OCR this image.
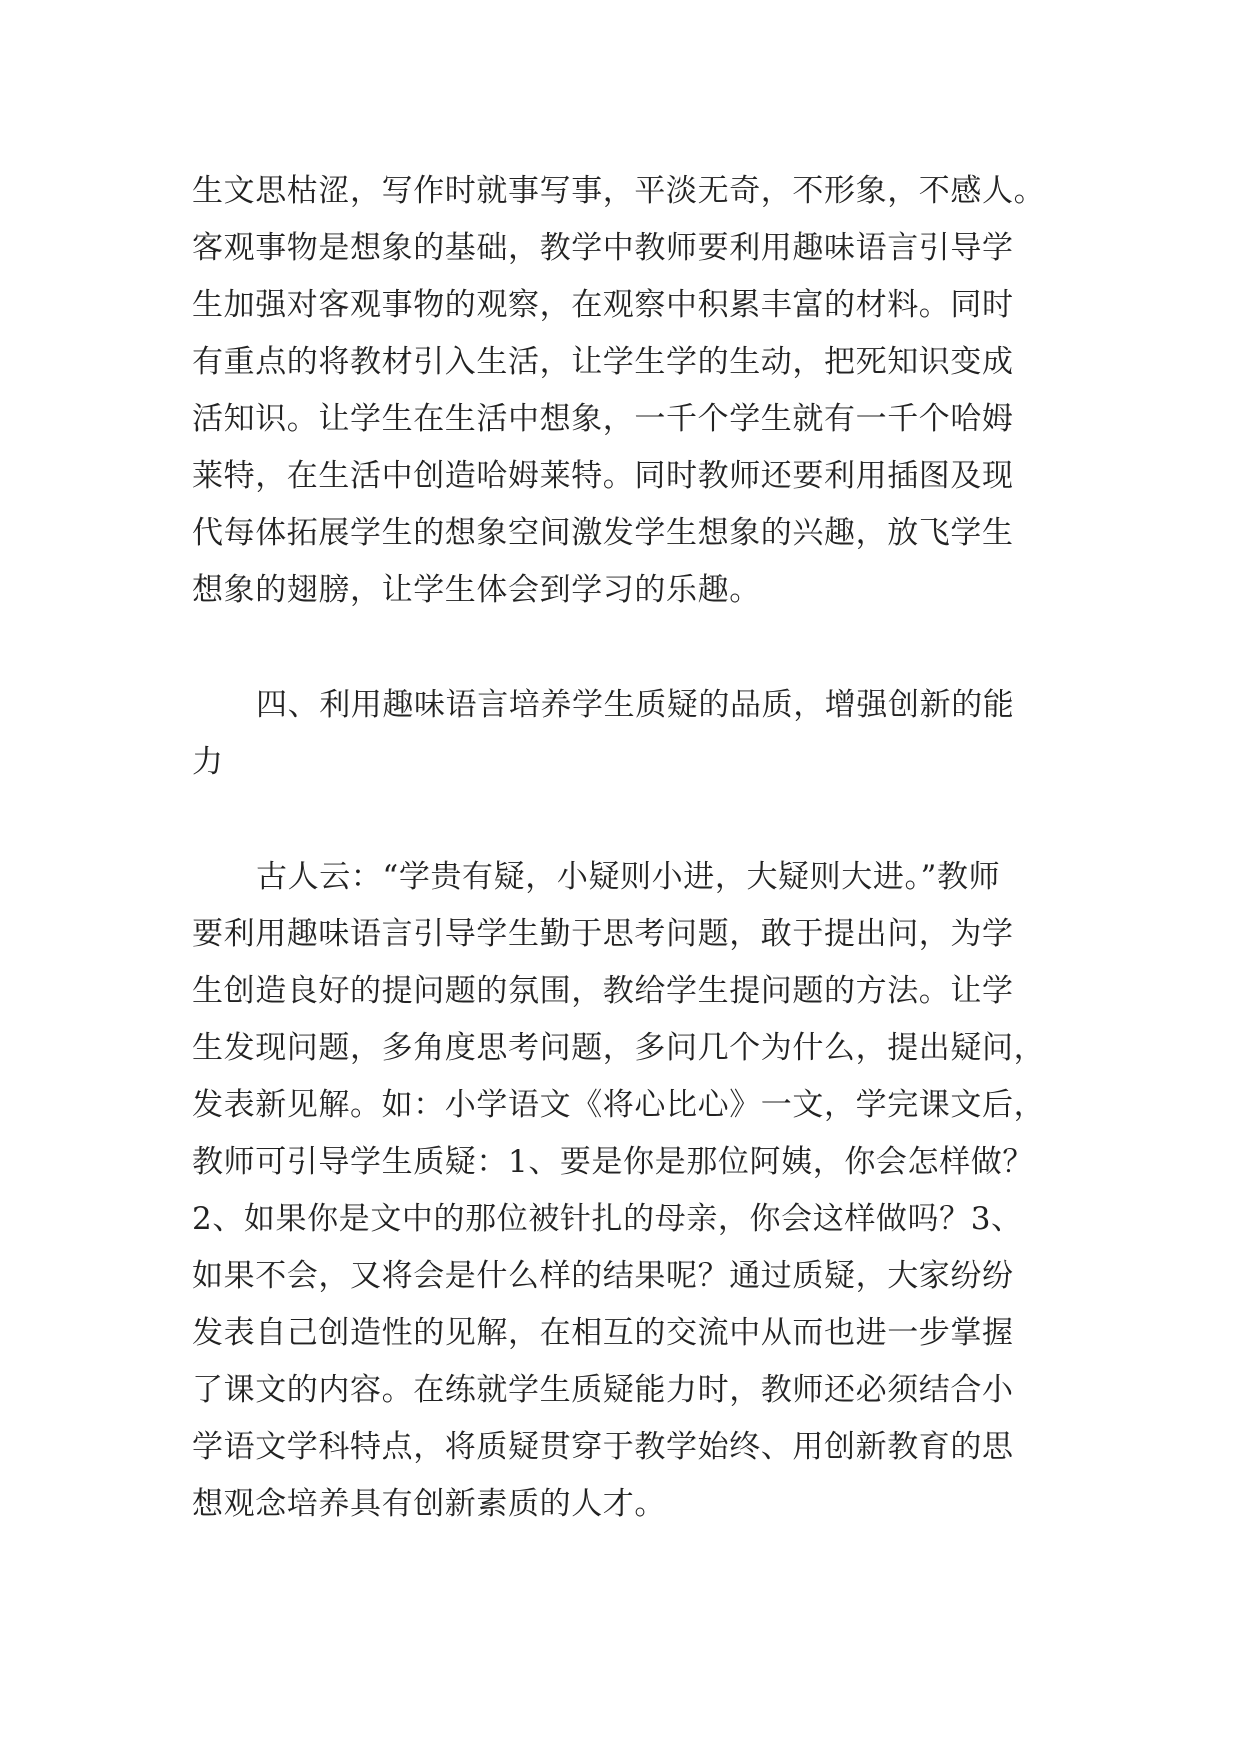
生文思枯涩，写作时就事写事，平淡无奇，不形象，不感人。
客观事物是想象的基础，教学中教师要利用趣味语言引导学
生加强对客观事物的观察，在观察中积累丰富的材料。同时
有重点的将教材引入生活，让学生学的生动，把死知识变成
活知识。让学生在生活中想象，一千个学生就有一千个哈姆
莱特，在生活中创造哈姆莱特。同时教师还要利用插图及现
代每体拓展学生的想象空间激发学生想象的兴趣，放飞学生
想象的翅膀，让学生体会到学习的乐趣。
四、利用趣味语言培养学生质疑的品质，增强创新的能
力
古人云：“学贵有疑，小疑则小进，大疑则大进。”教师
要利用趣味语言引导学生勤于思考问题，敢于提出问，为学
生创造良好的提问题的氛围，教给学生提问题的方法。让学
生发现问题，多角度思考问题，多问几个为什么，提出疑问，
发表新见解。如：小学语文《将心比心》一文，学完课文后，
教师可引导学生质疑：1、要是你是那位阿姨，你会怎样做？
2、如果你是文中的那位被针扎的母亲，你会这样做吗？3、
如果不会，又将会是什么样的结果呢？通过质疑，大家纷纷
发表自己创造性的见解，在相互的交流中从而也进一步掌握
了课文的内容。在练就学生质疑能力时，教师还必须结合小
学语文学科特点，将质疑贯穿于教学始终、用创新教育的思
想观念培养具有创新素质的人才。
